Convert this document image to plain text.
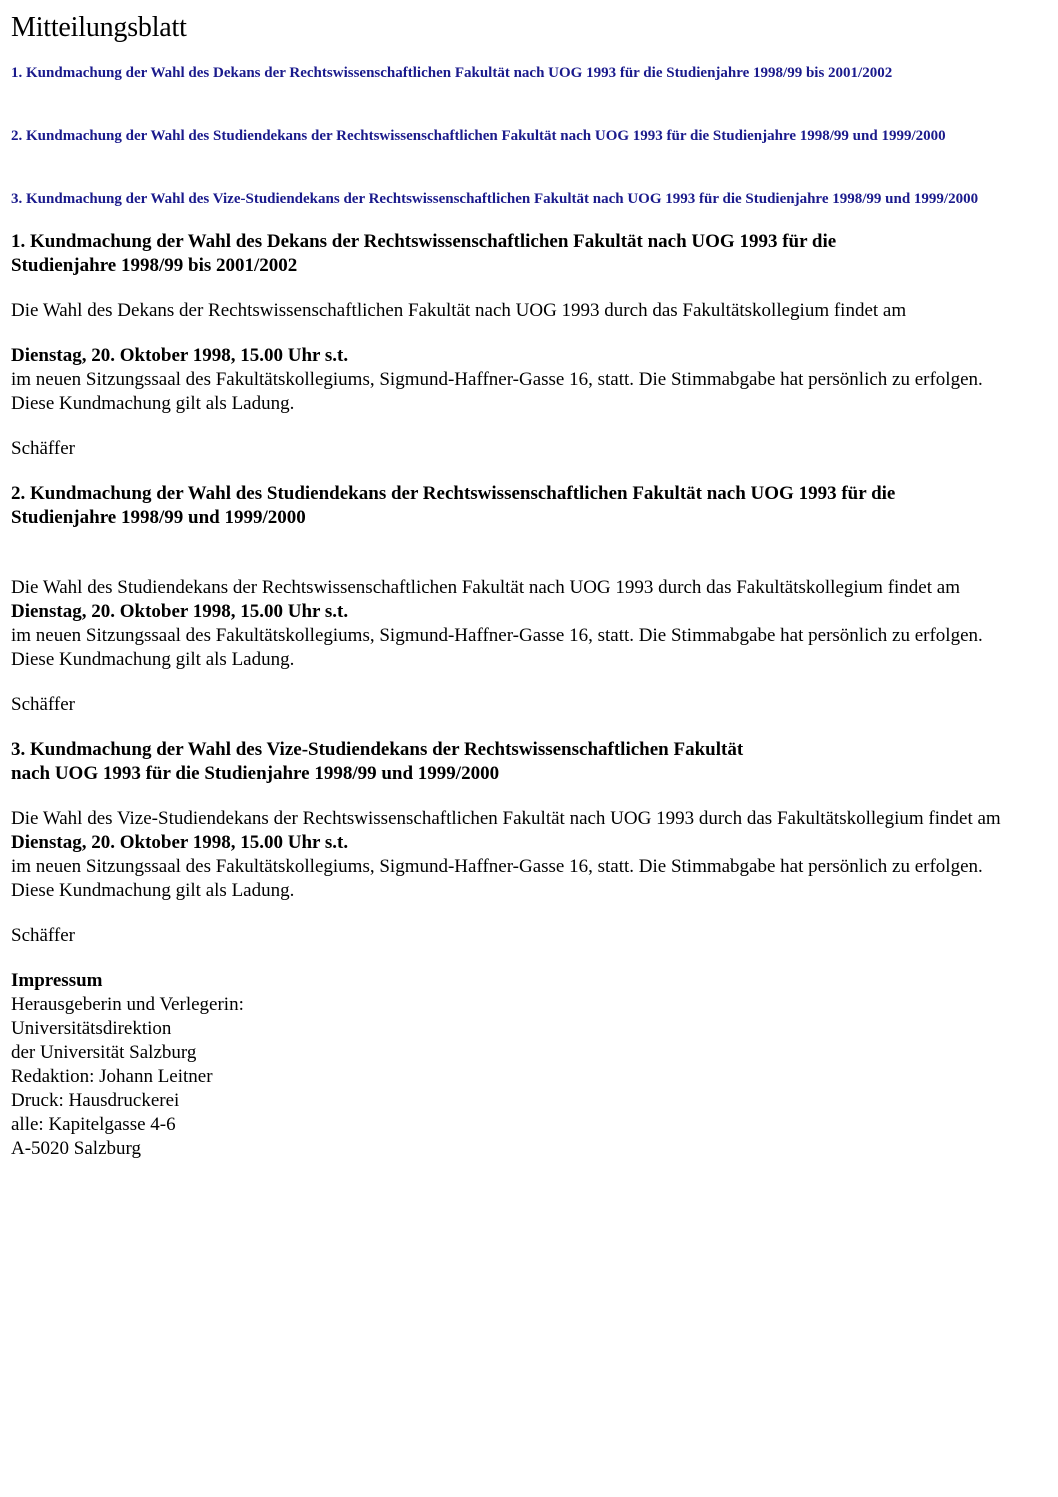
Mitteilungsblatt
1. Kundmachung der Wahl des Dekans der Rechtswissenschaftlichen Fakultät nach UOG 1993 für die Studienjahre 1998/99 bis 2001/2002
2. Kundmachung der Wahl des Studiendekans der Rechtswissenschaftlichen Fakultät nach UOG 1993 für die Studienjahre 1998/99 und 1999/2000
3. Kundmachung der Wahl des Vize-Studiendekans der Rechtswissenschaftlichen Fakultät nach UOG 1993 für die Studienjahre 1998/99 und 1999/2000

1. Kundmachung der Wahl des Dekans der Rechtswissenschaftlichen Fakultät nach UOG 1993 für die
Studienjahre 1998/99 bis 2001/2002

Die Wahl des Dekans der Rechtswissenschaftlichen Fakultät nach UOG 1993 durch das Fakultätskollegium findet am

Dienstag, 20. Oktober 1998, 15.00 Uhr s.t.

im neuen Sitzungssaal des Fakultätskollegiums, Sigmund-Haffner-Gasse 16, statt. Die Stimmabgabe hat persönlich zu erfolgen.

Diese Kundmachung gilt als Ladung.

Schäffer

2. Kundmachung der Wahl des Studiendekans der Rechtswissenschaftlichen Fakultät nach UOG 1993 für die
Studienjahre 1998/99 und 1999/2000

Die Wahl des Studiendekans der Rechtswissenschaftlichen Fakultät nach UOG 1993 durch das Fakultätskollegium findet am

Dienstag, 20. Oktober 1998, 15.00 Uhr s.t.

im neuen Sitzungssaal des Fakultätskollegiums, Sigmund-Haffner-Gasse 16, statt. Die Stimmabgabe hat persönlich zu erfolgen.

Diese Kundmachung gilt als Ladung.

Schäffer

3. Kundmachung der Wahl des Vize-Studiendekans der Rechtswissenschaftlichen Fakultät
nach UOG 1993 für die Studienjahre 1998/99 und 1999/2000

Die Wahl des Vize-Studiendekans der Rechtswissenschaftlichen Fakultät nach UOG 1993 durch das Fakultätskollegium findet am

Dienstag, 20. Oktober 1998, 15.00 Uhr s.t.

im neuen Sitzungssaal des Fakultätskollegiums, Sigmund-Haffner-Gasse 16, statt. Die Stimmabgabe hat persönlich zu erfolgen.

Diese Kundmachung gilt als Ladung.

Schäffer

Impressum

Herausgeberin und Verlegerin:

Universitätsdirektion

der Universität Salzburg

Redaktion: Johann Leitner

Druck: Hausdruckerei

alle: Kapitelgasse 4-6

A-5020 Salzburg
